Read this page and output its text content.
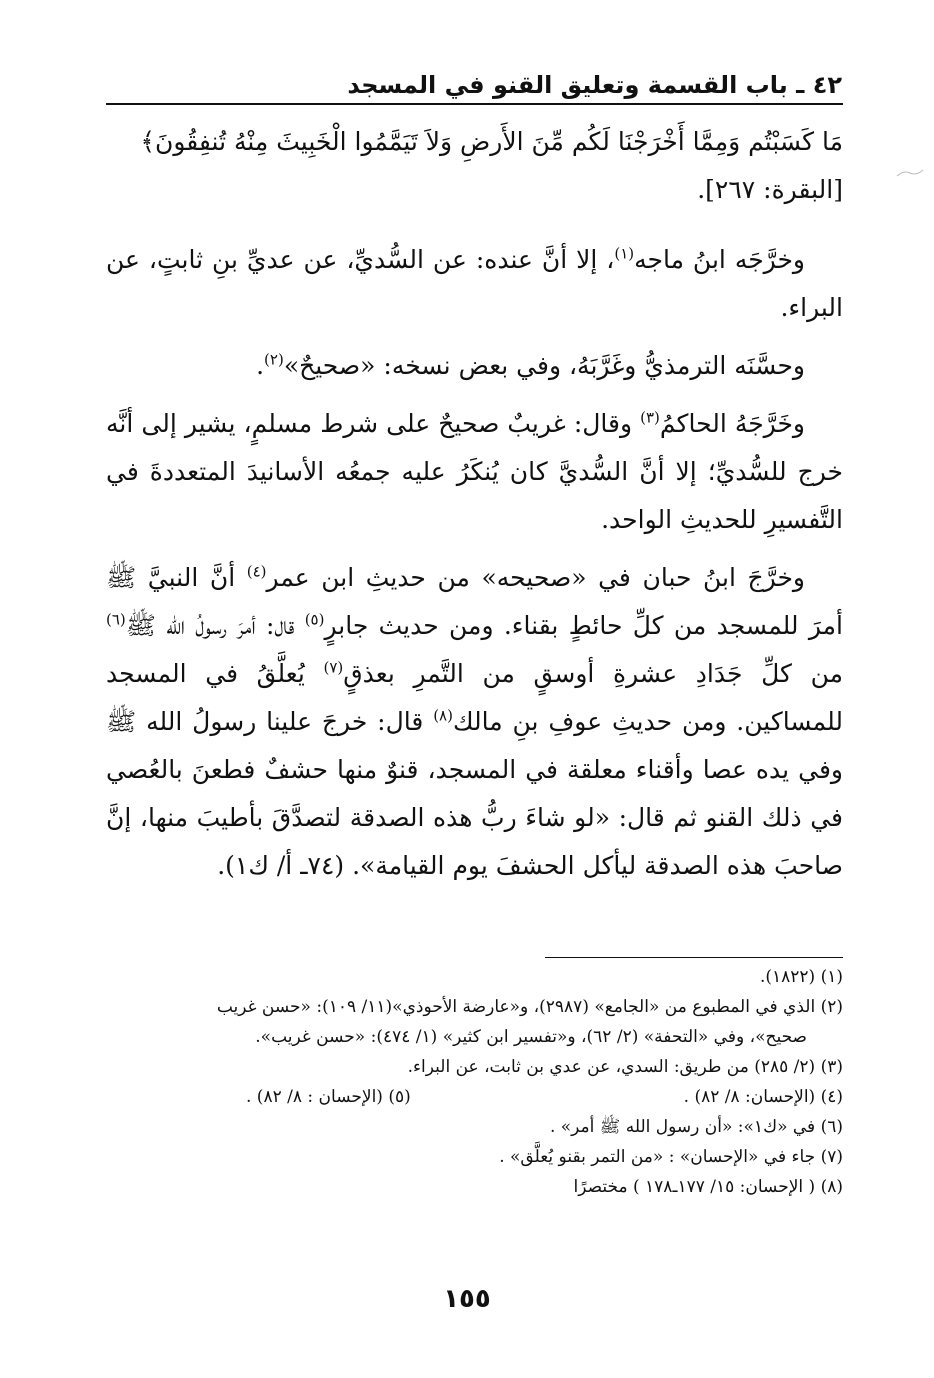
٤٢ ـ باب القسمة وتعليق القنو في المسجد

مَا كَسَبْتُم وَمِمَّا أَخْرَجْنَا لَكُم مِّنَ الأَرضِ وَلاَ تَيَمَّمُوا الْخَبِيثَ مِنْهُ تُنفِقُونَ﴾

[البقرة: ٢٦٧].

وخرَّجَه ابنُ ماجه$^{(١)}$، إلا أنَّ عنده: عن السُّديِّ، عن عديِّ بنِ ثابتٍ، عن البراء.

وحسَّنَه الترمذيُّ وغَرَّبَهُ، وفي بعض نسخه: «صحيحٌ»$^{(٢)}$.

وخَرَّجَهُ الحاكمُ$^{(٣)}$ وقال: غريبٌ صحيحٌ على شرط مسلمٍ، يشير إلى أنَّه خرج للسُّديِّ؛ إلا أنَّ السُّديَّ كان يُنكَرُ عليه جمعُه الأسانيدَ المتعددةَ في التَّفسيرِ للحديثِ الواحد.

وخرَّجَ ابنُ حبان في «صحيحه» من حديثِ ابن عمر$^{(٤)}$ أنَّ النبيَّ ﷺ أمرَ للمسجد من كلِّ حائطٍ بقناء. ومن حديث جابرٍ$^{(٥)}$ قال: أمرَ رسولُ الله ﷺ$^{(٦)}$ من كلِّ جَدَادِ عشرةِ أوسقٍ من التَّمرِ بعذقٍ$^{(٧)}$ يُعلَّقُ في المسجد للمساكين. ومن حديثِ عوفِ بنِ مالك$^{(٨)}$ قال: خرجَ علينا رسولُ الله ﷺ وفي يده عصا وأقناء معلقة في المسجد، قنوٌ منها حشفٌ فطعنَ بالعُصي في ذلك القنو ثم قال: «لو شاءَ ربُّ هذه الصدقة لتصدَّقَ بأطيبَ منها، إنَّ صاحبَ هذه الصدقة ليأكل الحشفَ يوم القيامة». (٧٤ـ أ/ ك١).

(١) (١٨٢٢).

(٢) الذي في المطبوع من «الجامع» (٢٩٨٧)، و«عارضة الأحوذي»(١١/ ١٠٩): «حسن غريب

صحيح»، وفي «التحفة» (٢/ ٦٢)، و«تفسير ابن كثير» (١/ ٤٧٤): «حسن غريب».

(٣) (٢/ ٢٨٥) من طريق: السدي، عن عدي بن ثابت، عن البراء.

(٤) (الإحسان: ٨/ ٨٢) .
(٥) (الإحسان : ٨/ ٨٢) .

(٦) في «ك١»: «أن رسول الله ﷺ أمر» .

(٧) جاء في «الإحسان» : «من التمر بقنو يُعلَّق» .

(٨) ( الإحسان: ١٥/ ١٧٧ـ١٧٨ ) مختصرًا

١٥٥
